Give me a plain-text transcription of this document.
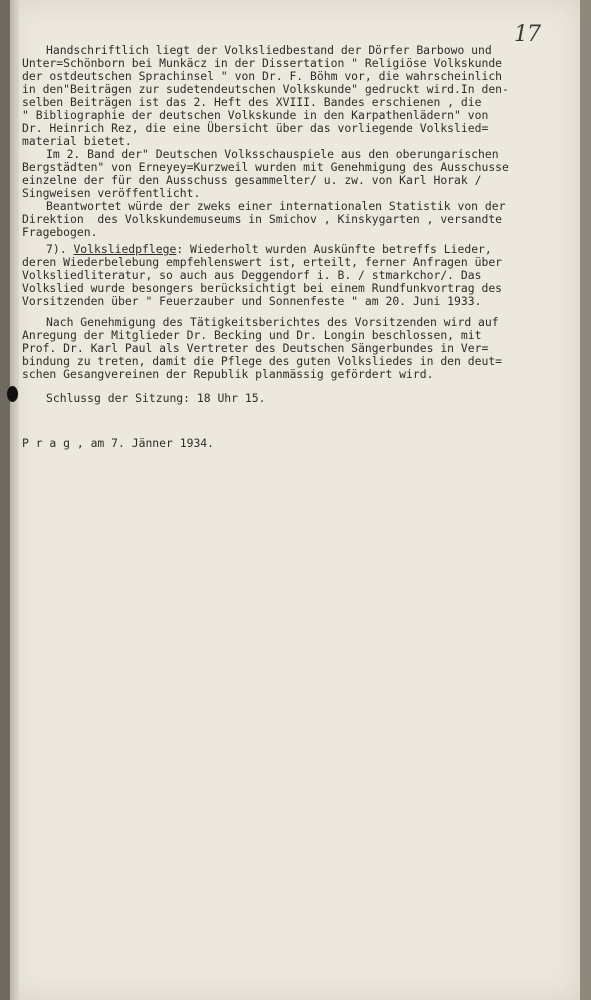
17
Handschriftlich liegt der Volksliedbestand der Dörfer Barbowo und
Unter=Schönborn bei Munkäcz in der Dissertation " Religiöse Volkskunde
der ostdeutschen Sprachinsel " von Dr. F. Böhm vor, die wahrscheinlich
in den"Beiträgen zur sudetendeutschen Volkskunde" gedruckt wird.In den-
selben Beiträgen ist das 2. Heft des XVIII. Bandes erschienen , die
" Bibliographie der deutschen Volkskunde in den Karpathenlädern" von
Dr. Heinrich Rez, die eine Übersicht über das vorliegende Volkslied=
material bietet.
Im 2. Band der" Deutschen Volksschauspiele aus den oberungarischen
Bergstädten" von Erneyey=Kurzweil wurden mit Genehmigung des Ausschusse
einzelne der für den Ausschuss gesammelter/ u. zw. von Karl Horak /
Singweisen veröffentlicht.
Beantwortet würde der zweks einer internationalen Statistik von der
Direktion  des Volkskundemuseums in Smichov , Kinskygarten , versandte
Fragebogen.
7). Volksliedpflege: Wiederholt wurden Auskünfte betreffs Lieder,
deren Wiederbelebung empfehlenswert ist, erteilt, ferner Anfragen über
Volksliedliteratur, so auch aus Deggendorf i. B. / stmarkchor/. Das
Volkslied wurde besongers berücksichtigt bei einem Rundfunkvortrag des
Vorsitzenden über " Feuerzauber und Sonnenfeste " am 20. Juni 1933.
Nach Genehmigung des Tätigkeitsberichtes des Vorsitzenden wird auf
Anregung der Mitglieder Dr. Becking und Dr. Longin beschlossen, mit
Prof. Dr. Karl Paul als Vertreter des Deutschen Sängerbundes in Ver=
bindung zu treten, damit die Pflege des guten Volksliedes in den deut=
schen Gesangvereinen der Republik planmässig gefördert wird.
Schlussg der Sitzung: 18 Uhr 15.
P r a g , am 7. Jänner 1934.
